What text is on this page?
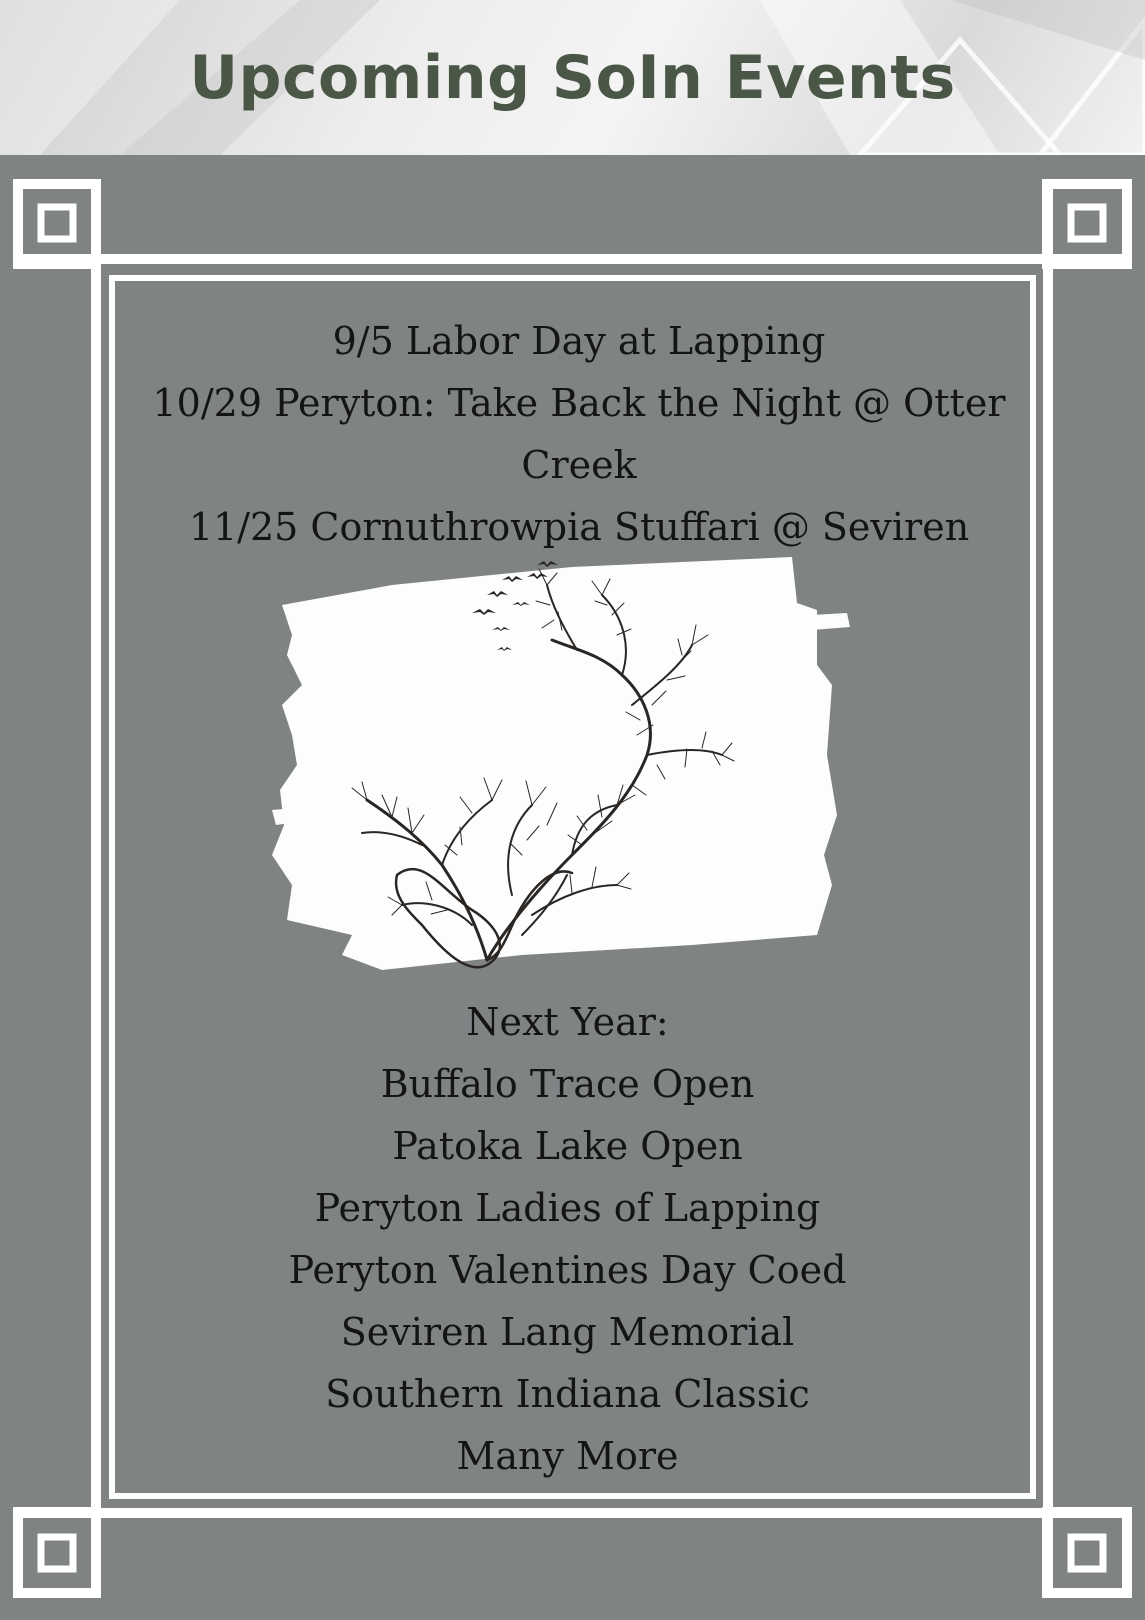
Upcoming SoIn Events
9/5 Labor Day at Lapping
10/29 Peryton: Take Back the Night @ Otter
Creek
11/25 Cornuthrowpia Stuffari @ Seviren
Next Year:
Buffalo Trace Open
Patoka Lake Open
Peryton Ladies of Lapping
Peryton Valentines Day Coed
Seviren Lang Memorial
Southern Indiana Classic
Many More
